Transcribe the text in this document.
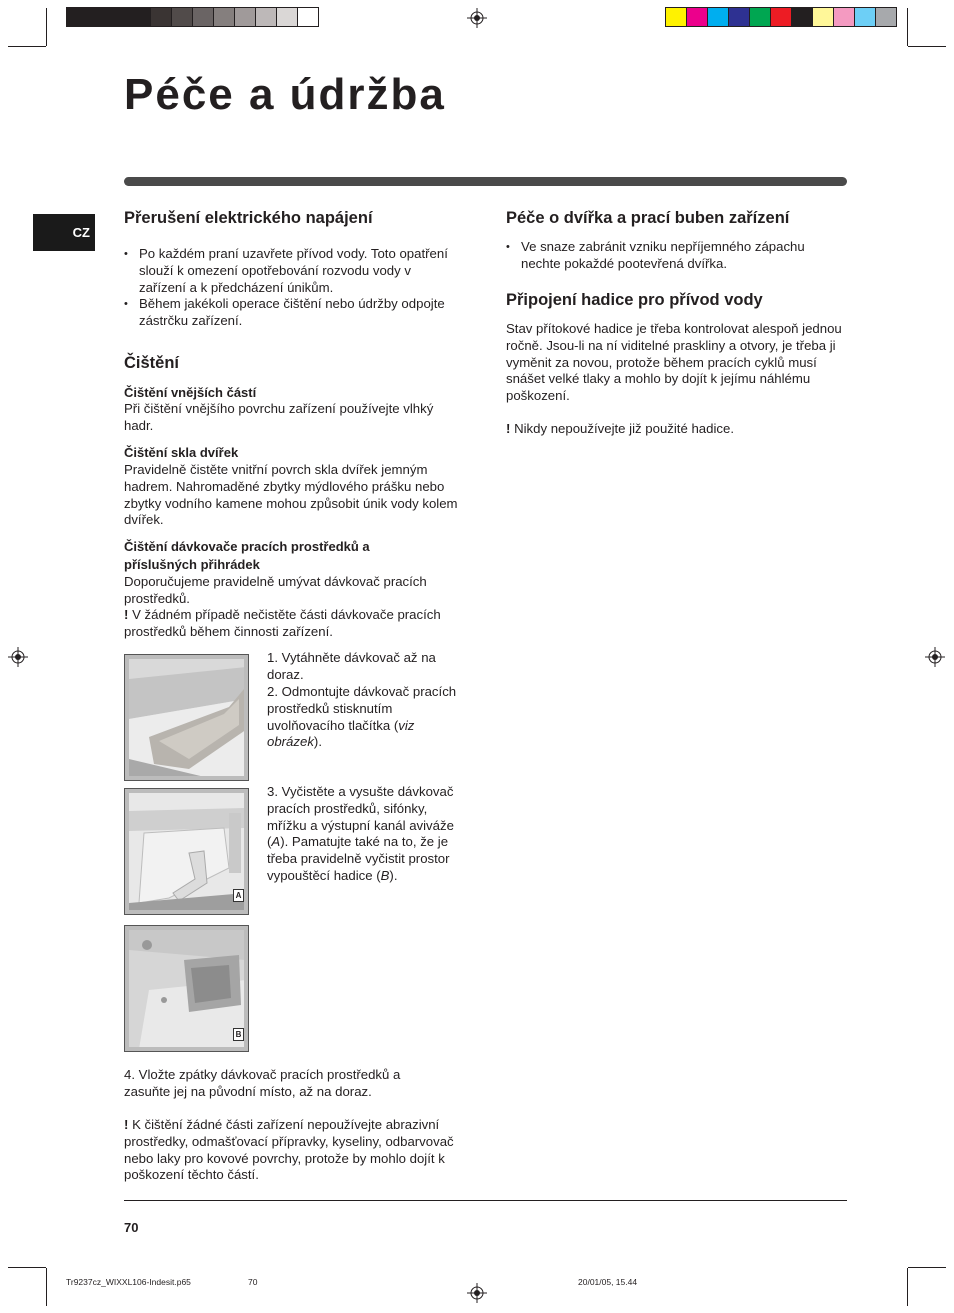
Péče a údržba
CZ
Přerušení elektrického napájení
• Po každém praní uzavřete přívod vody. Toto opatření slouží k omezení opotřebování rozvodu vody v zařízení a k předcházení únikům.
• Během jakékoli operace čištění nebo údržby odpojte zástrčku zařízení.
Čištění
Čištění vnějších částí

Při čištění vnějšího povrchu zařízení používejte vlhký hadr.

Čištění skla dvířek

Pravidelně čistěte vnitřní povrch skla dvířek jemným hadrem. Nahromaděné zbytky mýdlového prášku nebo zbytky vodního kamene mohou způsobit únik vody kolem dvířek.

Čištění dávkovače pracích prostředků a příslušných přihrádek

Doporučujeme pravidelně umývat dávkovač pracích prostředků.

! V žádném případě nečistěte části dávkovače pracích prostředků během činnosti zařízení.

A
B

1. Vytáhněte dávkovač až na doraz.

2. Odmontujte dávkovač pracích prostředků stisknutím uvolňovacího tlačítka (viz obrázek).

3. Vyčistěte a vysušte dávkovač pracích prostředků, sifónky, mřížku a výstupní kanál aviváže (A). Pamatujte také na to, že je třeba pravidelně vyčistit prostor vypouštěcí hadice (B).

4. Vložte zpátky dávkovač pracích prostředků a zasuňte jej na původní místo, až na doraz.

! K čištění žádné části zařízení nepoužívejte abrazivní prostředky, odmašťovací přípravky, kyseliny, odbarvovač nebo laky pro kovové povrchy, protože by mohlo dojít k poškození těchto částí.

Péče o dvířka a prací buben zařízení
• Ve snaze zabránit vzniku nepříjemného zápachu nechte pokaždé pootevřená dvířka.
Připojení hadice pro přívod vody

Stav přítokové hadice je třeba kontrolovat alespoň jednou ročně. Jsou-li na ní viditelné praskliny a otvory, je třeba ji vyměnit za novou, protože během pracích cyklů musí snášet velké tlaky a mohlo by dojít k jejímu náhlému poškození.

! Nikdy nepoužívejte již použité hadice.

70
Tr9237cz_WIXXL106-Indesit.p65	70	20/01/05, 15.44
